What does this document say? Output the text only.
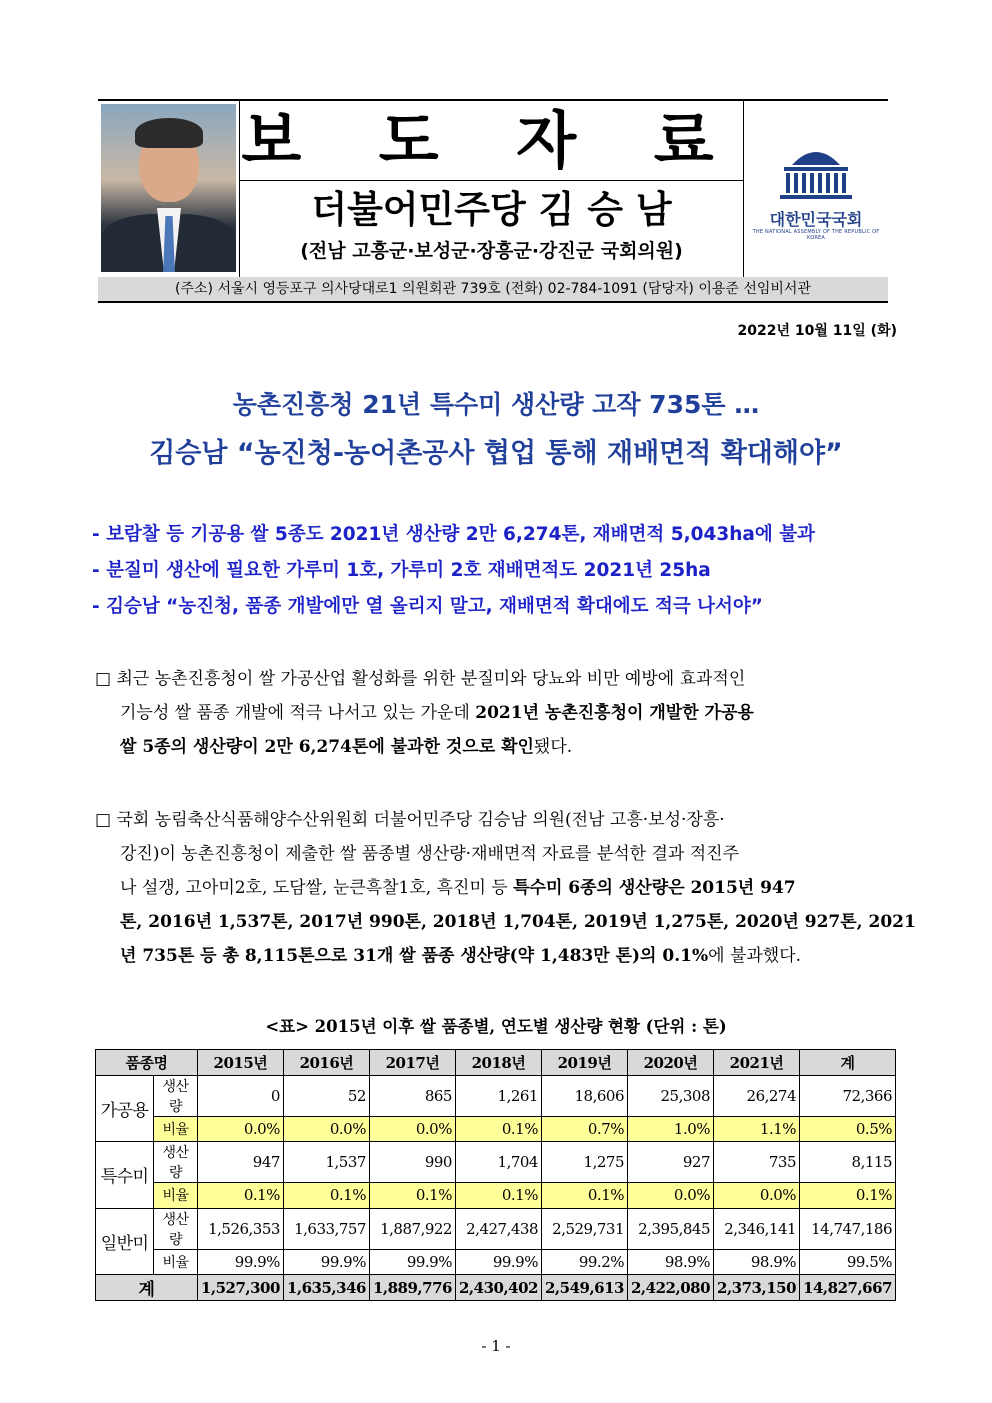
보 도 자 료
더불어민주당 김 승 남
(전남 고흥군·보성군·장흥군·강진군 국회의원)
대한민국국회
THE NATIONAL ASSEMBLY OF THE REPUBLIC OF KOREA
(주소) 서울시 영등포구 의사당대로1 의원회관 739호 (전화) 02-784-1091 (담당자) 이용준 선임비서관
2022년 10월 11일 (화)
농촌진흥청 21년 특수미 생산량 고작 735톤 …
김승남 “농진청-농어촌공사 협업 통해 재배면적 확대해야”
- 보람찰 등 기공용 쌀 5종도 2021년 생산량 2만 6,274톤, 재배면적 5,043ha에 불과
- 분질미 생산에 필요한 가루미 1호, 가루미 2호 재배면적도 2021년 25ha
- 김승남 “농진청, 품종 개발에만 열 올리지 말고, 재배면적 확대에도 적극 나서야”
□ 최근 농촌진흥청이 쌀 가공산업 활성화를 위한 분질미와 당뇨와 비만 예방에 효과적인
기능성 쌀 품종 개발에 적극 나서고 있는 가운데 2021년 농촌진흥청이 개발한 가공용
쌀 5종의 생산량이 2만 6,274톤에 불과한 것으로 확인됐다.
□ 국회 농림축산식품해양수산위원회 더불어민주당 김승남 의원(전남 고흥·보성·장흥·
강진)이 농촌진흥청이 제출한 쌀 품종별 생산량·재배면적 자료를 분석한 결과 적진주
나 설갱, 고아미2호, 도담쌀, 눈큰흑찰1호, 흑진미 등 특수미 6종의 생산량은 2015년 947
톤, 2016년 1,537톤, 2017년 990톤, 2018년 1,704톤, 2019년 1,275톤, 2020년 927톤, 2021
년 735톤 등 총 8,115톤으로 31개 쌀 품종 생산량(약 1,483만 톤)의 0.1%에 불과했다.
<표> 2015년 이후 쌀 품종별, 연도별 생산량 현황 (단위 : 톤)
품종명		2015년	2016년	2017년	2018년	2019년	2020년	2021년	계
가공용	생산량	0	52	865	1,261	18,606	25,308	26,274	72,366
	비율	0.0%	0.0%	0.0%	0.1%	0.7%	1.0%	1.1%	0.5%
특수미	생산량	947	1,537	990	1,704	1,275	927	735	8,115
	비율	0.1%	0.1%	0.1%	0.1%	0.1%	0.0%	0.0%	0.1%
일반미	생산량	1,526,353	1,633,757	1,887,922	2,427,438	2,529,731	2,395,845	2,346,141	14,747,186
	비율	99.9%	99.9%	99.9%	99.9%	99.2%	98.9%	98.9%	99.5%
계		1,527,300	1,635,346	1,889,776	2,430,402	2,549,613	2,422,080	2,373,150	14,827,667
- 1 -
